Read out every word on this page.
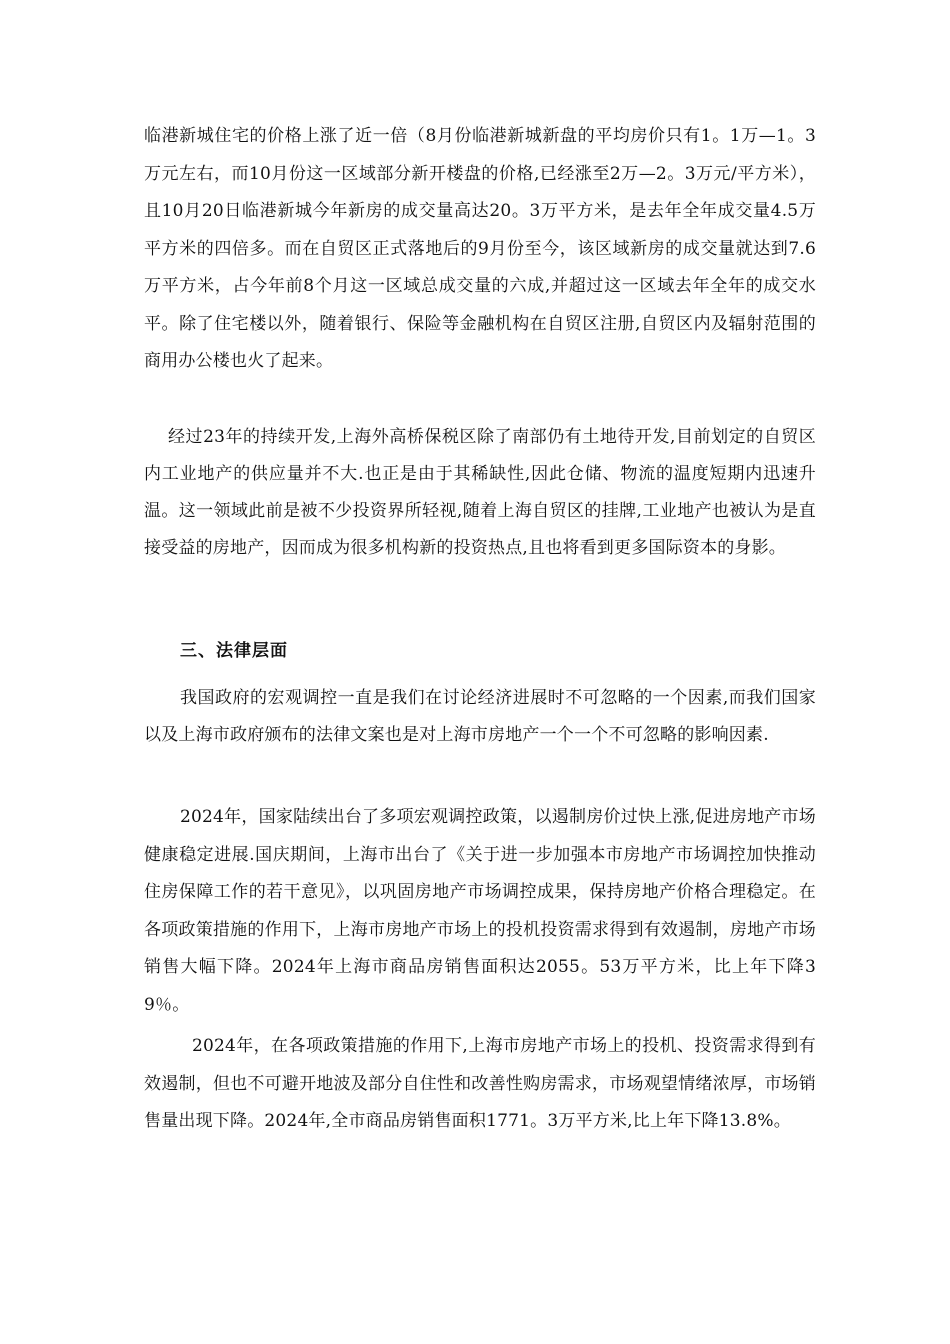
临港新城住宅的价格上涨了近一倍（8月份临港新城新盘的平均房价只有1。1万—1。3万元左右，而10月份这一区域部分新开楼盘的价格,已经涨至2万—2。3万元/平方米），且10月20日临港新城今年新房的成交量高达20。3万平方米，是去年全年成交量4.5万平方米的四倍多。而在自贸区正式落地后的9月份至今，该区域新房的成交量就达到7.6万平方米，占今年前8个月这一区域总成交量的六成,并超过这一区域去年全年的成交水平。除了住宅楼以外，随着银行、保险等金融机构在自贸区注册,自贸区内及辐射范围的商用办公楼也火了起来。

经过23年的持续开发,上海外高桥保税区除了南部仍有土地待开发,目前划定的自贸区内工业地产的供应量并不大.也正是由于其稀缺性,因此仓储、物流的温度短期内迅速升温。这一领域此前是被不少投资界所轻视,随着上海自贸区的挂牌,工业地产也被认为是直接受益的房地产，因而成为很多机构新的投资热点,且也将看到更多国际资本的身影。

三、法律层面

我国政府的宏观调控一直是我们在讨论经济进展时不可忽略的一个因素,而我们国家以及上海市政府颁布的法律文案也是对上海市房地产一个一个不可忽略的影响因素.

2024年，国家陆续出台了多项宏观调控政策，以遏制房价过快上涨,促进房地产市场健康稳定进展.国庆期间，上海市出台了《关于进一步加强本市房地产市场调控加快推动住房保障工作的若干意见》，以巩固房地产市场调控成果，保持房地产价格合理稳定。在各项政策措施的作用下，上海市房地产市场上的投机投资需求得到有效遏制，房地产市场销售大幅下降。2024年上海市商品房销售面积达2055。53万平方米，比上年下降39％。

2024年，在各项政策措施的作用下,上海市房地产市场上的投机、投资需求得到有效遏制，但也不可避开地波及部分自住性和改善性购房需求，市场观望情绪浓厚，市场销售量出现下降。2024年,全市商品房销售面积1771。3万平方米,比上年下降13.8%。
